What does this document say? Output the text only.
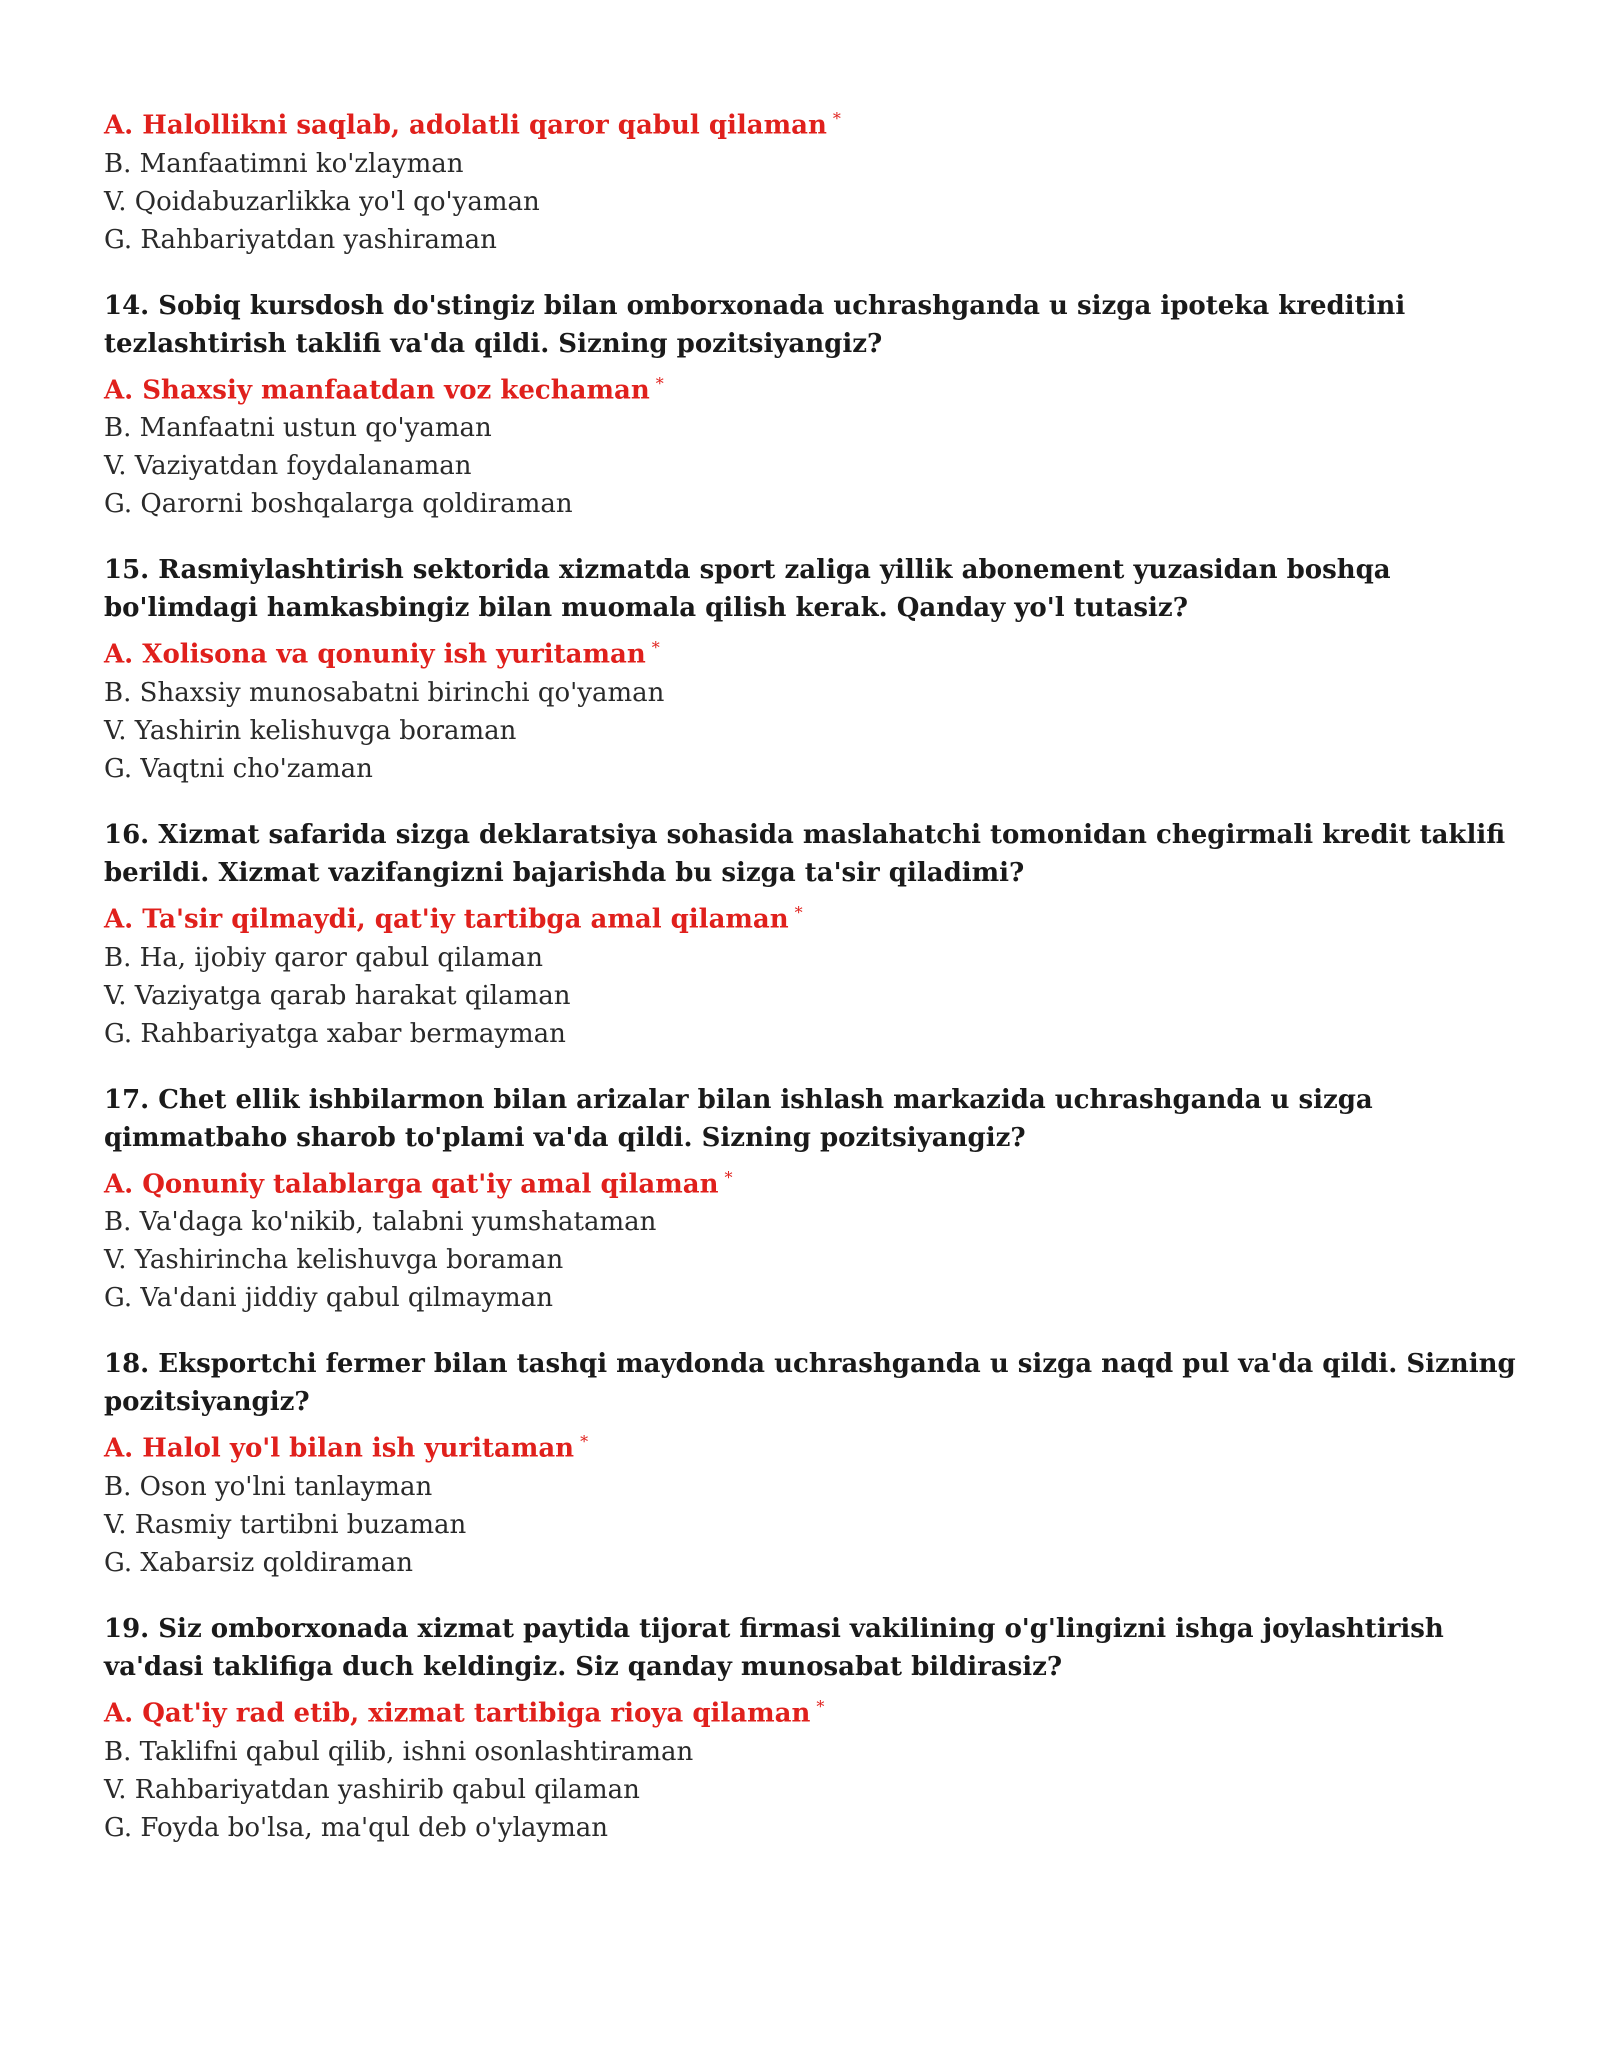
A. Halollikni saqlab, adolatli qaror qabul qilaman *

B. Manfaatimni ko'zlayman

V. Qoidabuzarlikka yo'l qo'yaman

G. Rahbariyatdan yashiraman

14. Sobiq kursdosh do'stingiz bilan omborxonada uchrashganda u sizga ipoteka kreditini tezlashtirish taklifi va'da qildi. Sizning pozitsiyangiz?

A. Shaxsiy manfaatdan voz kechaman *

B. Manfaatni ustun qo'yaman

V. Vaziyatdan foydalanaman

G. Qarorni boshqalarga qoldiraman

15. Rasmiylashtirish sektorida xizmatda sport zaliga yillik abonement yuzasidan boshqa bo'limdagi hamkasbingiz bilan muomala qilish kerak. Qanday yo'l tutasiz?

A. Xolisona va qonuniy ish yuritaman *

B. Shaxsiy munosabatni birinchi qo'yaman

V. Yashirin kelishuvga boraman

G. Vaqtni cho'zaman

16. Xizmat safarida sizga deklaratsiya sohasida maslahatchi tomonidan chegirmali kredit taklifi berildi. Xizmat vazifangizni bajarishda bu sizga ta'sir qiladimi?

A. Ta'sir qilmaydi, qat'iy tartibga amal qilaman *

B. Ha, ijobiy qaror qabul qilaman

V. Vaziyatga qarab harakat qilaman

G. Rahbariyatga xabar bermayman

17. Chet ellik ishbilarmon bilan arizalar bilan ishlash markazida uchrashganda u sizga qimmatbaho sharob to'plami va'da qildi. Sizning pozitsiyangiz?

A. Qonuniy talablarga qat'iy amal qilaman *

B. Va'daga ko'nikib, talabni yumshataman

V. Yashirincha kelishuvga boraman

G. Va'dani jiddiy qabul qilmayman

18. Eksportchi fermer bilan tashqi maydonda uchrashganda u sizga naqd pul va'da qildi. Sizning pozitsiyangiz?

A. Halol yo'l bilan ish yuritaman *

B. Oson yo'lni tanlayman

V. Rasmiy tartibni buzaman

G. Xabarsiz qoldiraman

19. Siz omborxonada xizmat paytida tijorat firmasi vakilining o'g'lingizni ishga joylashtirish va'dasi taklifiga duch keldingiz. Siz qanday munosabat bildirasiz?

A. Qat'iy rad etib, xizmat tartibiga rioya qilaman *

B. Taklifni qabul qilib, ishni osonlashtiraman

V. Rahbariyatdan yashirib qabul qilaman

G. Foyda bo'lsa, ma'qul deb o'ylayman
